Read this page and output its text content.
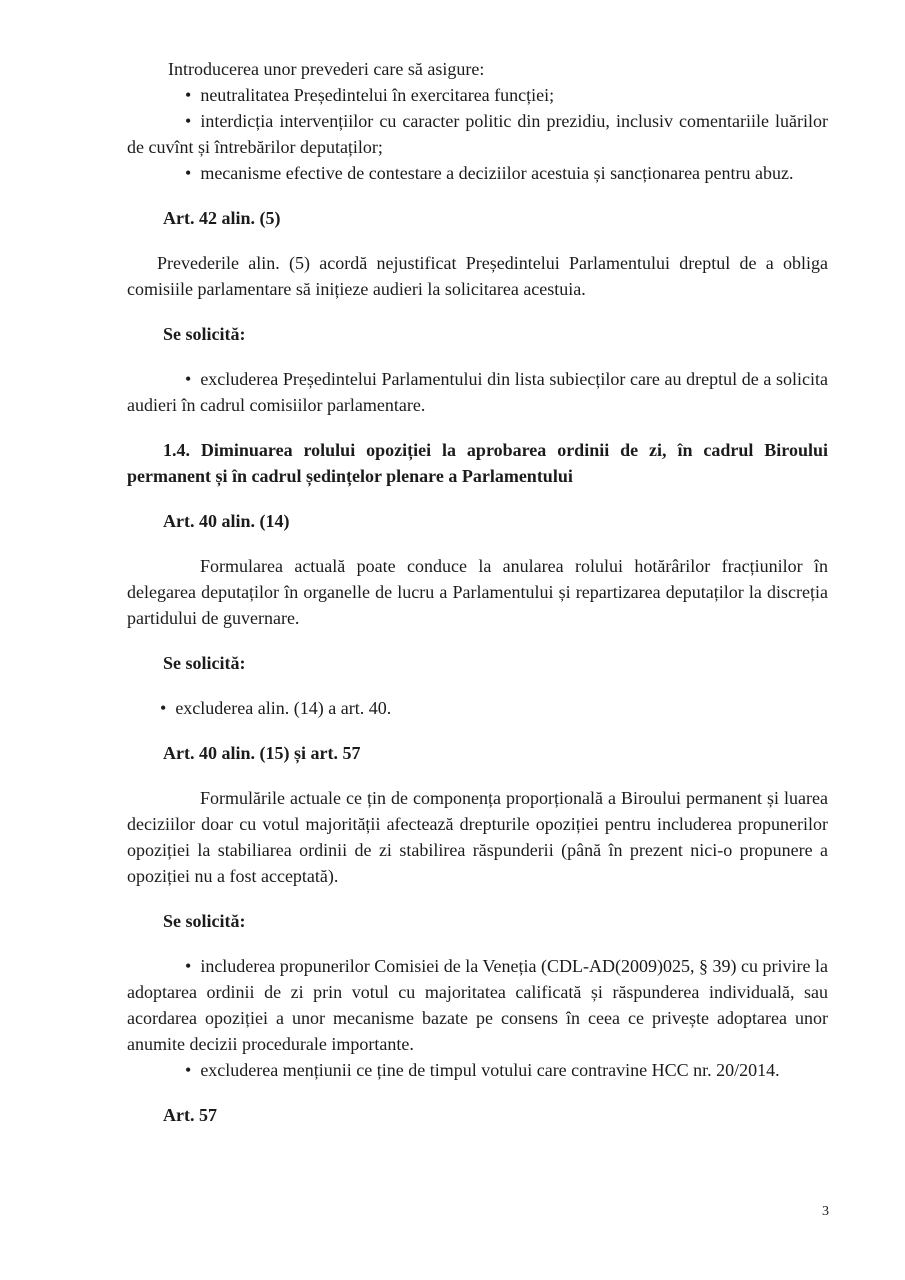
Introducerea unor prevederi care să asigure:

• neutralitatea Președintelui în exercitarea funcției;

• interdicția intervențiilor cu caracter politic din prezidiu, inclusiv comentariile luărilor de cuvînt și întrebărilor deputaților;

• mecanisme efective de contestare a deciziilor acestuia și sancționarea pentru abuz.

Art. 42 alin. (5)

Prevederile alin. (5) acordă nejustificat Președintelui Parlamentului dreptul de a obliga comisiile parlamentare să inițieze audieri la solicitarea acestuia.

Se solicită:

• excluderea Președintelui Parlamentului din lista subiecților care au dreptul de a solicita audieri în cadrul comisiilor parlamentare.

1.4. Diminuarea rolului opoziției la aprobarea ordinii de zi, în cadrul Biroului permanent și în cadrul ședințelor plenare a Parlamentului

Art. 40 alin. (14)

Formularea actuală poate conduce la anularea rolului hotărârilor fracțiunilor în delegarea deputaților în organelle de lucru a Parlamentului și repartizarea deputaților la discreția partidului de guvernare.

Se solicită:

• excluderea alin. (14) a art. 40.

Art. 40 alin. (15) și art. 57

Formulările actuale ce țin de componența proporțională a Biroului permanent și luarea deciziilor doar cu votul majorității afectează drepturile opoziției pentru includerea propunerilor opoziției la stabiliarea ordinii de zi stabilirea răspunderii (până în prezent nici-o propunere a opoziției nu a fost acceptată).

Se solicită:

• includerea propunerilor Comisiei de la Veneția (CDL-AD(2009)025, § 39) cu privire la adoptarea ordinii de zi prin votul cu majoritatea calificată și răspunderea individuală, sau acordarea opoziției a unor mecanisme bazate pe consens în ceea ce privește adoptarea unor anumite decizii procedurale importante.

• excluderea mențiunii ce ține de timpul votului care contravine HCC nr. 20/2014.

Art. 57

3
